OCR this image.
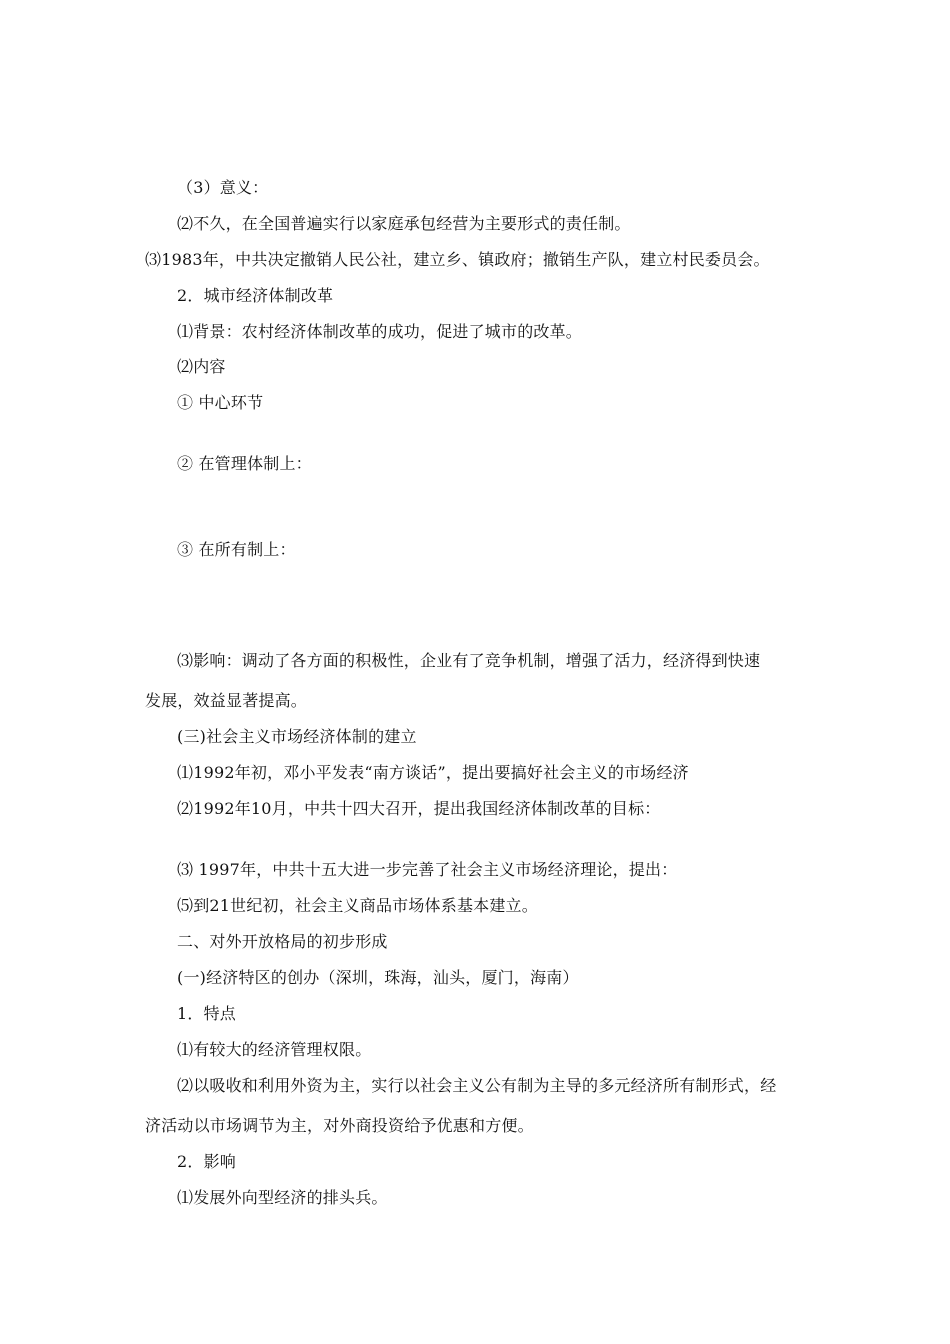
（3）意义：
⑵不久，在全国普遍实行以家庭承包经营为主要形式的责任制。
⑶1983年，中共决定撤销人民公社，建立乡、镇政府；撤销生产队，建立村民委员会。
2．城市经济体制改革
⑴背景：农村经济体制改革的成功，促进了城市的改革。
⑵内容
① 中心环节
② 在管理体制上：
③ 在所有制上：
⑶影响：调动了各方面的积极性，企业有了竞争机制，增强了活力，经济得到快速
发展，效益显著提高。
(三)社会主义市场经济体制的建立
⑴1992年初，邓小平发表“南方谈话”，提出要搞好社会主义的市场经济
⑵1992年10月，中共十四大召开，提出我国经济体制改革的目标：
⑶ 1997年，中共十五大进一步完善了社会主义市场经济理论，提出：
⑸到21世纪初，社会主义商品市场体系基本建立。
二、对外开放格局的初步形成
(一)经济特区的创办（深圳，珠海，汕头，厦门，海南）
1．特点
⑴有较大的经济管理权限。
⑵以吸收和利用外资为主，实行以社会主义公有制为主导的多元经济所有制形式，经
济活动以市场调节为主，对外商投资给予优惠和方便。
2．影响
⑴发展外向型经济的排头兵。
